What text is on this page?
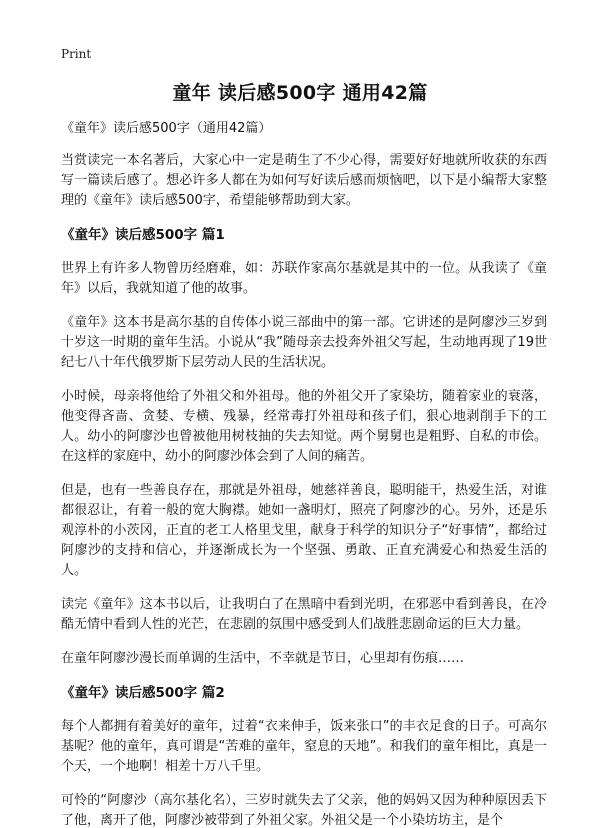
Print
童年 读后感500字 通用42篇

《童年》读后感500字（通用42篇）

当赏读完一本名著后，大家心中一定是萌生了不少心得，需要好好地就所收获的东西写一篇读后感了。想必许多人都在为如何写好读后感而烦恼吧，以下是小编帮大家整理的《童年》读后感500字，希望能够帮助到大家。

《童年》读后感500字 篇1

世界上有许多人物曾历经磨难，如：苏联作家高尔基就是其中的一位。从我读了《童年》以后，我就知道了他的故事。

《童年》这本书是高尔基的自传体小说三部曲中的第一部。它讲述的是阿廖沙三岁到十岁这一时期的童年生活。小说从“我”随母亲去投奔外祖父写起，生动地再现了19世纪七八十年代俄罗斯下层劳动人民的生活状况。

小时候，母亲将他给了外祖父和外祖母。他的外祖父开了家染坊，随着家业的衰落，他变得吝啬、贪婪、专横、残暴，经常毒打外祖母和孩子们，狠心地剥削手下的工人。幼小的阿廖沙也曾被他用树枝抽的失去知觉。两个舅舅也是粗野、自私的市侩。在这样的家庭中，幼小的阿廖沙体会到了人间的痛苦。

但是，也有一些善良存在，那就是外祖母，她慈祥善良，聪明能干，热爱生活，对谁都很忍让，有着一般的宽大胸襟。她如一盏明灯，照亮了阿廖沙的心。另外，还是乐观淳朴的小茨冈，正直的老工人格里戈里，献身于科学的知识分子“好事情”，都给过阿廖沙的支持和信心，并逐渐成长为一个坚强、勇敢、正直充满爱心和热爱生活的人。

读完《童年》这本书以后，让我明白了在黑暗中看到光明，在邪恶中看到善良，在冷酷无情中看到人性的光芒，在悲剧的氛围中感受到人们战胜悲剧命运的巨大力量。

在童年阿廖沙漫长而单调的生活中，不幸就是节日，心里却有伤痕……

《童年》读后感500字 篇2

每个人都拥有着美好的童年，过着“衣来伸手，饭来张口”的丰衣足食的日子。可高尔基呢？他的童年，真可谓是“苦难的童年，窒息的天地”。和我们的童年相比，真是一个天，一个地啊！相差十万八千里。

可怜的“阿廖沙（高尔基化名），三岁时就失去了父亲，他的妈妈又因为种种原因丢下了他，离开了他，阿廖沙被带到了外祖父家。外祖父是一个小染坊坊主，是个
